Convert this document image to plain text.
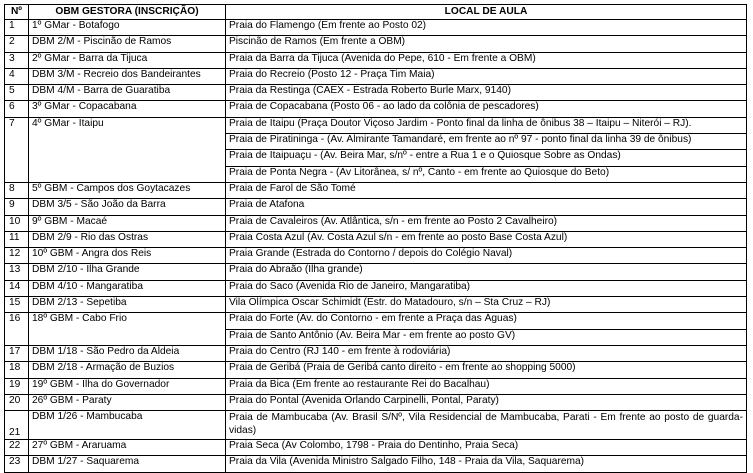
Nº	OBM GESTORA (INSCRIÇÃO)	LOCAL DE AULA
1	1º GMar - Botafogo	Praia do Flamengo (Em frente ao Posto 02)
2	DBM 2/M - Piscinão de Ramos	Piscinão de Ramos (Em frente a OBM)
3	2º GMar - Barra da Tijuca	Praia da Barra da Tijuca (Avenida do Pepe, 610 - Em frente a OBM)
4	DBM 3/M - Recreio dos Bandeirantes	Praia do Recreio (Posto 12 - Praça Tim Maia)
5	DBM 4/M - Barra de Guaratiba	Praia da Restinga (CAEX - Estrada Roberto Burle Marx, 9140)
6	3º GMar - Copacabana	Praia de Copacabana (Posto 06 - ao lado da colônia de pescadores)
7	4º GMar - Itaipu	Praia de Itaipu (Praça Doutor Viçoso Jardim - Ponto final da linha de ônibus 38 – Itaipu – Niterói – RJ).
		Praia de Piratininga - (Av. Almirante Tamandaré, em frente ao nº 97 - ponto final da linha 39 de ônibus)
		Praia de Itaipuaçu - (Av. Beira Mar, s/nº - entre a Rua 1 e o Quiosque Sobre as Ondas)
		Praia de Ponta Negra - (Av Litorânea, s/ nº, Canto - em frente ao Quiosque do Beto)
8	5º GBM - Campos dos Goytacazes	Praia de Farol de São Tomé
9	DBM 3/5 - São João da Barra	Praia de Atafona
10	9º GBM - Macaé	Praia de Cavaleiros (Av. Atlântica, s/n - em frente ao Posto 2 Cavalheiro)
11	DBM 2/9 - Rio das Ostras	Praia Costa Azul (Av. Costa Azul s/n - em frente ao posto Base Costa Azul)
12	10º GBM - Angra dos Reis	Praia Grande (Estrada do Contorno / depois do Colégio Naval)
13	DBM 2/10 - Ilha Grande	Praia do Abraão (Ilha grande)
14	DBM 4/10 - Mangaratiba	Praia do Saco (Avenida Rio de Janeiro, Mangaratiba)
15	DBM 2/13 - Sepetiba	Vila Olímpica Oscar Schimidt (Estr. do Matadouro, s/n – Sta Cruz – RJ)
16	18º GBM - Cabo Frio	Praia do Forte (Av. do Contorno - em frente a Praça das Águas)
		Praia de Santo Antônio (Av. Beira Mar - em frente ao posto GV)
17	DBM 1/18 - São Pedro da Aldeia	Praia do Centro (RJ 140 - em frente à rodoviária)
18	DBM 2/18 - Armação de Buzios	Praia de Geribá (Praia de Geribá canto direito - em frente ao shopping 5000)
19	19º GBM - Ilha do Governador	Praia da Bica (Em frente ao restaurante Rei do Bacalhau)
20	26º GBM - Paraty	Praia do Pontal (Avenida Orlando Carpinelli, Pontal, Paraty)
21	DBM 1/26 - Mambucaba	Praia de Mambucaba (Av. Brasil S/Nº, Vila Residencial de Mambucaba, Parati - Em frente ao posto de guarda- vidas)
22	27º GBM - Araruama	Praia Seca (Av Colombo, 1798 - Praia do Dentinho, Praia Seca)
23	DBM 1/27 - Saquarema	Praia da Vila (Avenida Ministro Salgado Filho, 148 - Praia da Vila, Saquarema)
